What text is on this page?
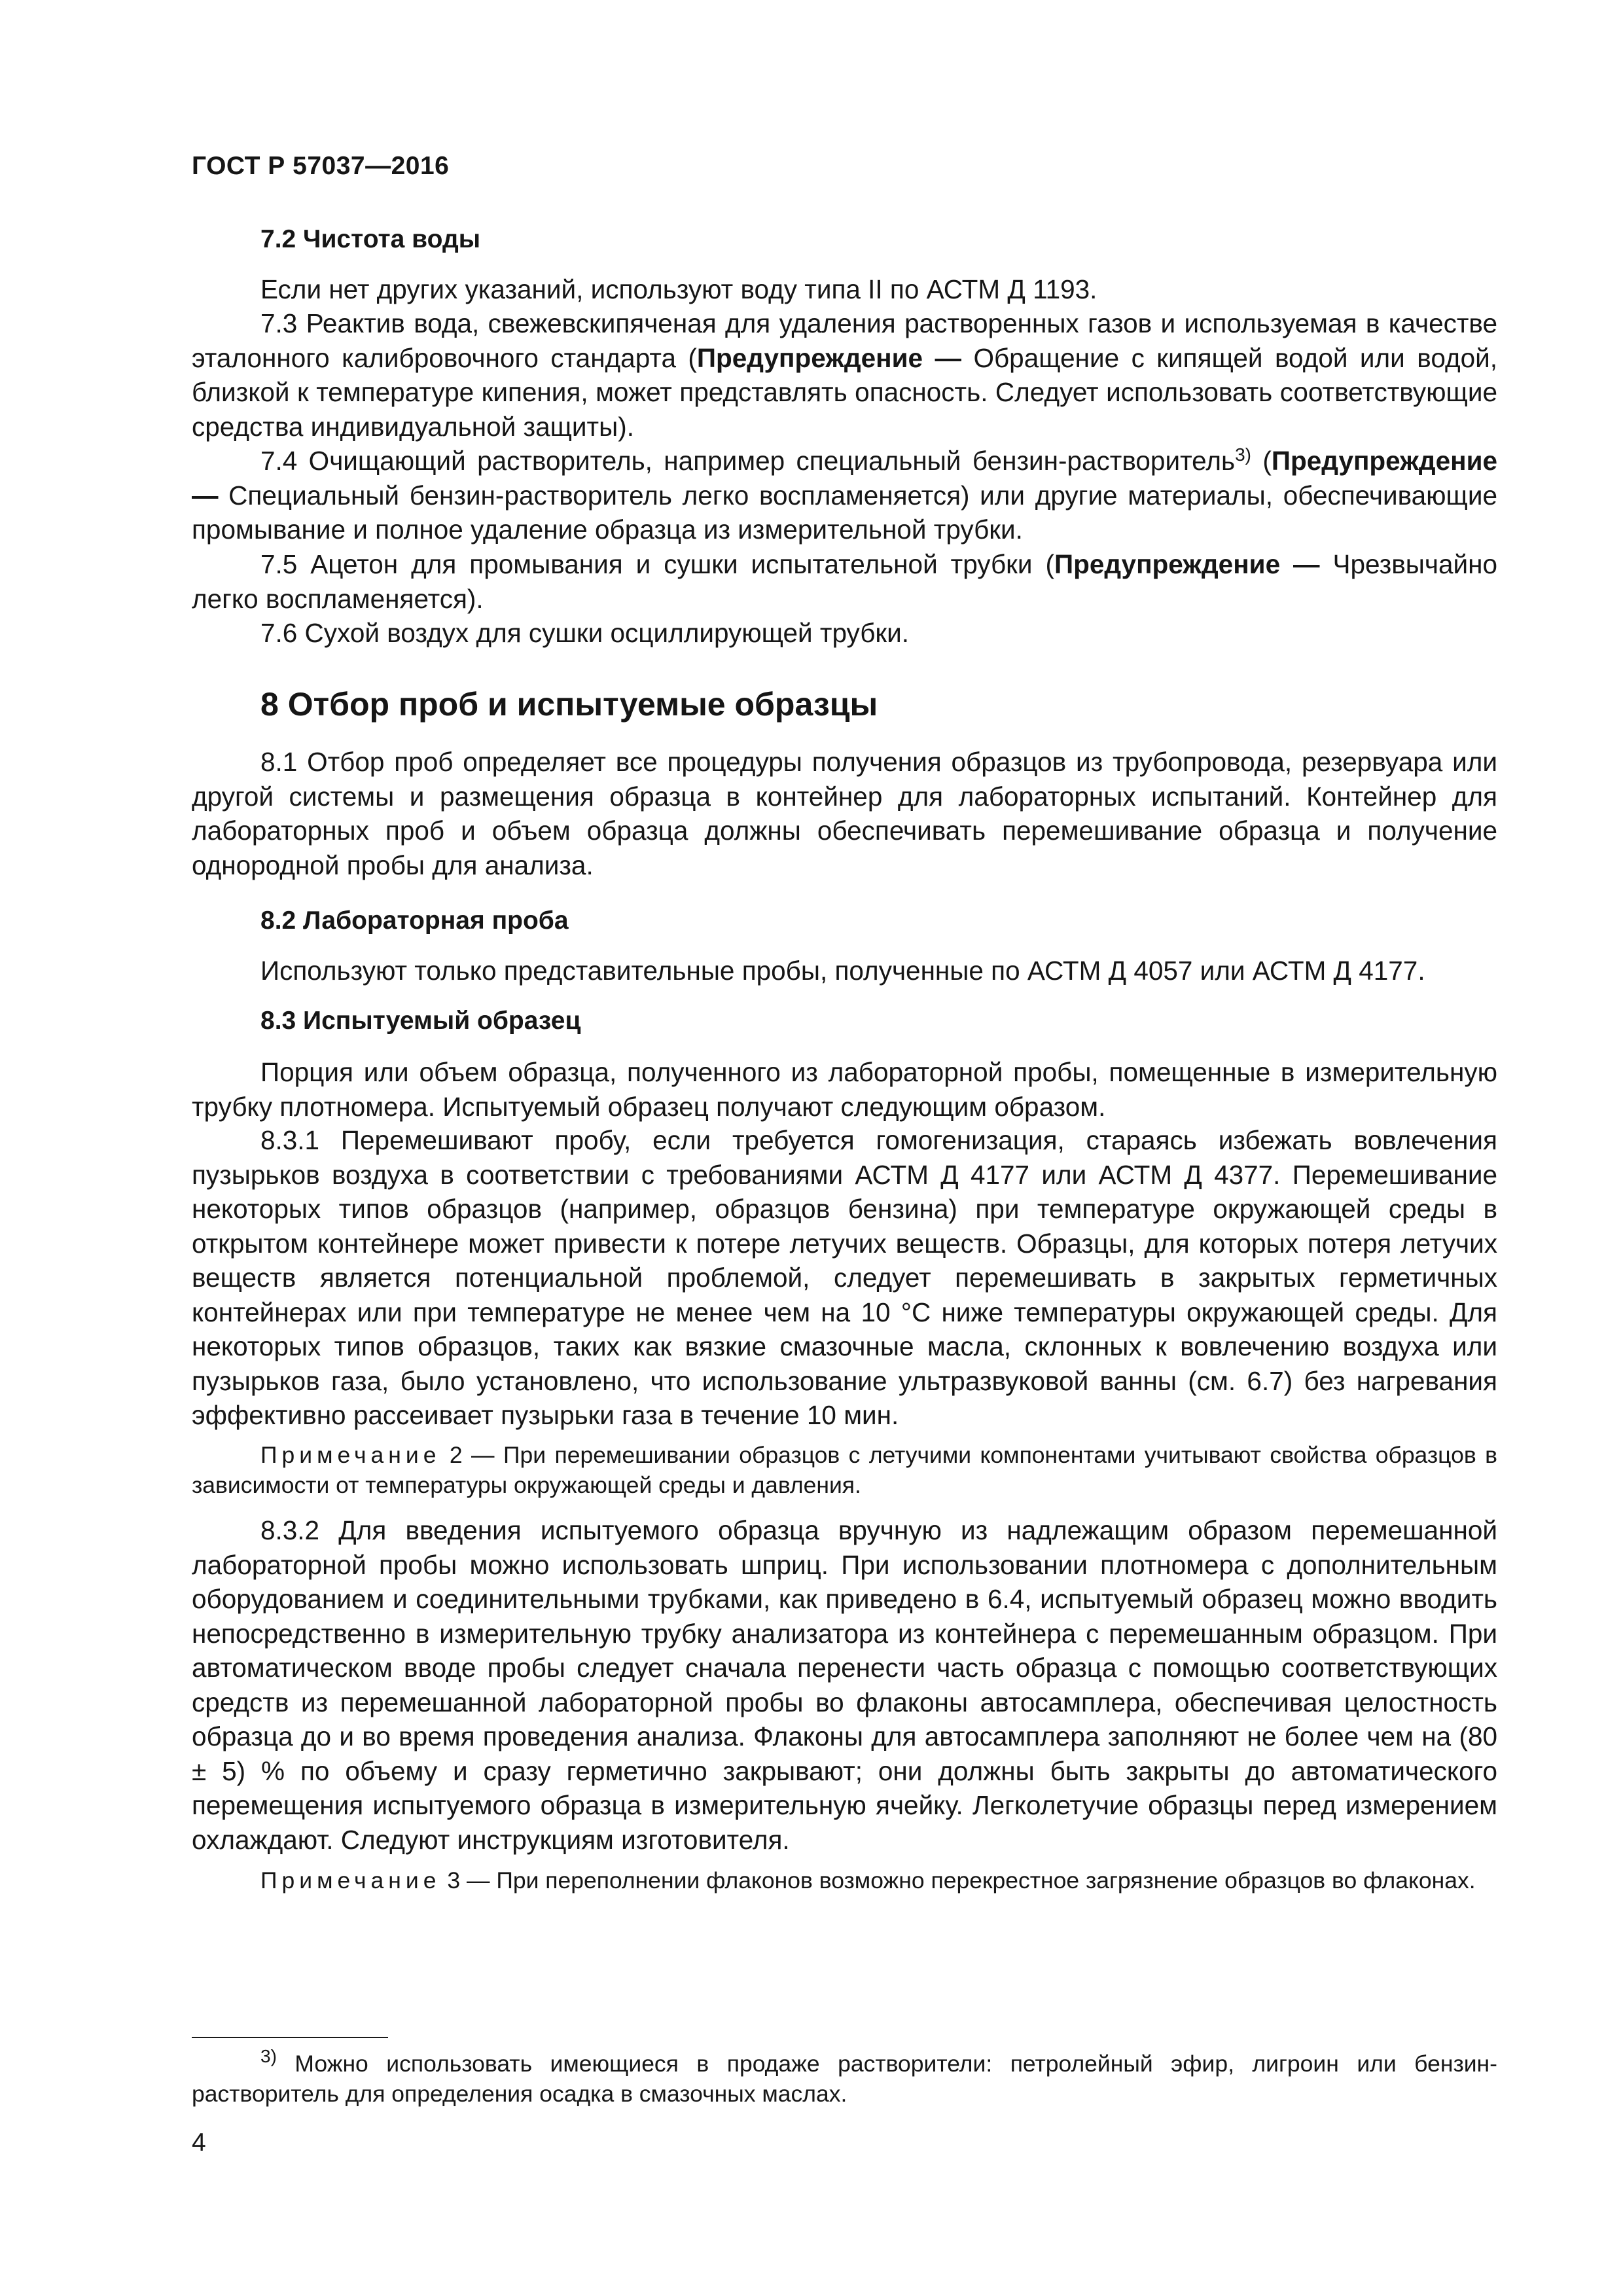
ГОСТ Р 57037—2016

7.2 Чистота воды

Если нет других указаний, используют воду типа II по АСТМ Д 1193.

7.3 Реактив вода, свежевскипяченая для удаления растворенных газов и используемая в качестве эталонного калибровочного стандарта (Предупреждение — Обращение с кипящей водой или водой, близкой к температуре кипения, может представлять опасность. Следует использовать соответствующие средства индивидуальной защиты).

7.4 Очищающий растворитель, например специальный бензин-растворитель$^{3)}$ (Предупреждение — Специальный бензин-растворитель легко воспламеняется) или другие материалы, обеспечивающие промывание и полное удаление образца из измерительной трубки.

7.5 Ацетон для промывания и сушки испытательной трубки (Предупреждение — Чрезвычайно легко воспламеняется).

7.6 Сухой воздух для сушки осциллирующей трубки.

8 Отбор проб и испытуемые образцы

8.1 Отбор проб определяет все процедуры получения образцов из трубопровода, резервуара или другой системы и размещения образца в контейнер для лабораторных испытаний. Контейнер для лабораторных проб и объем образца должны обеспечивать перемешивание образца и получение однородной пробы для анализа.

8.2 Лабораторная проба

Используют только представительные пробы, полученные по АСТМ Д 4057 или АСТМ Д 4177.

8.3 Испытуемый образец

Порция или объем образца, полученного из лабораторной пробы, помещенные в измерительную трубку плотномера. Испытуемый образец получают следующим образом.

8.3.1 Перемешивают пробу, если требуется гомогенизация, стараясь избежать вовлечения пузырьков воздуха в соответствии с требованиями АСТМ Д 4177 или АСТМ Д 4377. Перемешивание некоторых типов образцов (например, образцов бензина) при температуре окружающей среды в открытом контейнере может привести к потере летучих веществ. Образцы, для которых потеря летучих веществ является потенциальной проблемой, следует перемешивать в закрытых герметичных контейнерах или при температуре не менее чем на 10 °С ниже температуры окружающей среды. Для некоторых типов образцов, таких как вязкие смазочные масла, склонных к вовлечению воздуха или пузырьков газа, было установлено, что использование ультразвуковой ванны (см. 6.7) без нагревания эффективно рассеивает пузырьки газа в течение 10 мин.

Примечание 2 — При перемешивании образцов с летучими компонентами учитывают свойства образцов в зависимости от температуры окружающей среды и давления.

8.3.2 Для введения испытуемого образца вручную из надлежащим образом перемешанной лабораторной пробы можно использовать шприц. При использовании плотномера с дополнительным оборудованием и соединительными трубками, как приведено в 6.4, испытуемый образец можно вводить непосредственно в измерительную трубку анализатора из контейнера с перемешанным образцом. При автоматическом вводе пробы следует сначала перенести часть образца с помощью соответствующих средств из перемешанной лабораторной пробы во флаконы автосамплера, обеспечивая целостность образца до и во время проведения анализа. Флаконы для автосамплера заполняют не более чем на (80 ± 5) % по объему и сразу герметично закрывают; они должны быть закрыты до автоматического перемещения испытуемого образца в измерительную ячейку. Легколетучие образцы перед измерением охлаждают. Следуют инструкциям изготовителя.

Примечание 3 — При переполнении флаконов возможно перекрестное загрязнение образцов во флаконах.

$^{3)}$ Можно использовать имеющиеся в продаже растворители: петролейный эфир, лигроин или бензин-растворитель для определения осадка в смазочных маслах.

4
